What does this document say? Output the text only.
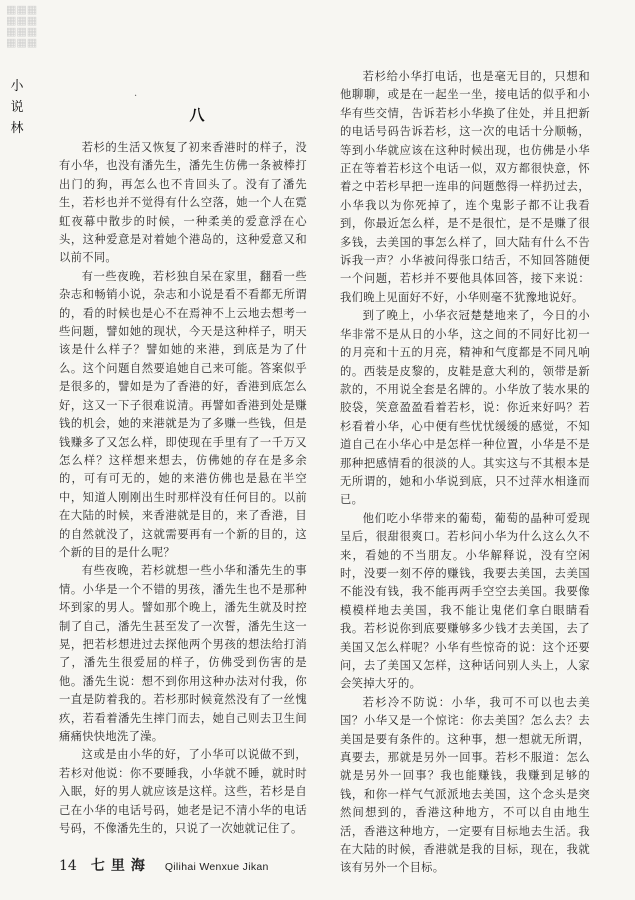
▦▦▦
▦▦▦
▦▦▦
▦▦▦
小说林
·
八

若杉的生活又恢复了初来香港时的样子，没有小华，也没有潘先生，潘先生仿佛一条被棒打出门的狗，再怎么也不肯回头了。没有了潘先生，若杉也并不觉得有什么空落，她一个人在霓虹夜幕中散步的时候，一种柔美的爱意浮在心头，这种爱意是对着她个港岛的，这种爱意又和以前不同。

有一些夜晚，若杉独自呆在家里，翻看一些杂志和畅销小说，杂志和小说是看不看都无所谓的，看的时候也是心不在焉神不上云地去想考一些问题，譬如她的现状，今天是这种样子，明天该是什么样子？譬如她的来港，到底是为了什么。这个问题自然要追她自己来可能。答案似乎是很多的，譬如是为了香港的好，香港到底怎么好，这又一下子很难说清。再譬如香港到处是赚钱的机会，她的来港就是为了多赚一些钱，但是钱赚多了又怎么样，即使现在手里有了一千万又怎么样？这样想来想去，仿佛她的存在是多余的，可有可无的，她的来港仿佛也是悬在半空中，知道人刚刚出生时那样没有任何目的。以前在大陆的时候，来香港就是目的，来了香港，目的自然就没了，这就需要再有一个新的目的，这个新的目的是什么呢？

有些夜晚，若杉就想一些小华和潘先生的事情。小华是一个不错的男孩，潘先生也不是那种坏到家的男人。譬如那个晚上，潘先生就及时控制了自己，潘先生甚至发了一次誓，潘先生这一晃，把若杉想进过去探他两个男孩的想法给打消了，潘先生很爱屈的样子，仿佛受到伤害的是他。潘先生说：想不到你用这种办法对付我，你一直是防着我的。若杉那时候竟然没有了一丝愧疚，若看着潘先生摔门而去，她自己则去卫生间痛痛快快地洗了澡。

这或是由小华的好，了小华可以说做不到，若杉对他说：你不要睡我，小华就不睡，就时时入眠，好的男人就应该是这样。这些，若杉是自己在小华的电话号码，她老是记不清小华的电话号码，不像潘先生的，只说了一次她就记住了。

若杉给小华打电话，也是毫无目的，只想和他聊聊，或是在一起坐一坐，接电话的似乎和小华有些交情，告诉若杉小华换了住处，并且把新的电话号码告诉若杉，这一次的电话十分顺畅，等到小华就应该在这种时候出现，也仿佛是小华正在等着若杉这个电话一似，双方都很快意，怀着之中若杉早把一连串的问题憋得一样扔过去，小华我以为你死掉了，连个鬼影子都不让我看到，你最近怎么样，是不是很忙，是不是赚了很多钱，去美国的事怎么样了，回大陆有什么不告诉我一声？小华被问得张口结舌，不知回答随便一个问题，若杉并不要他具体回答，接下来说：我们晚上见面好不好，小华则毫不犹豫地说好。

到了晚上，小华衣冠楚楚地来了，今日的小华非常不是从日的小华，这之间的不同好比初一的月亮和十五的月亮，精神和气度都是不同凡响的。西装是皮黎的，皮鞋是意大利的，领带是新款的，不用说全套是名牌的。小华放了装水果的胶袋，笑意盈盈看着若杉，说：你近来好吗？若杉看着小华，心中便有些忧忧缓缓的感觉，不知道自己在小华心中是怎样一种位置，小华是不是那种把感情看的很淡的人。其实这与不其根本是无所谓的，她和小华说到底，只不过萍水相逢而已。

他们吃小华带来的葡萄，葡萄的晶种可爱现呈后，很甜很爽口。若杉问小华为什么这么久不来，看她的不当朋友。小华解释说，没有空闲时，没要一刻不停的赚钱，我要去美国，去美国不能没有钱，我不能再两手空空去美国。我要像模模样地去美国，我不能让鬼佬们拿白眼睛看我。若杉说你到底要赚够多少钱才去美国，去了美国又怎么样呢？小华有些惊奇的说：这个还要问，去了美国又怎样，这种话问别人头上，人家会笑掉大牙的。

若杉冷不防说：小华，我可不可以也去美国？小华又是一个惊诧：你去美国？怎么去？去美国是要有条件的。这种事，想一想就无所谓，真要去，那就是另外一回事。若杉不服道：怎么就是另外一回事？我也能赚钱，我赚到足够的钱，和你一样气气派派地去美国，这个念头是突然间想到的，香港这种地方，不可以自由地生活，香港这种地方，一定要有目标地去生活。我在大陆的时候，香港就是我的目标，现在，我就该有另外一个目标。

14 七里海 Qilihai Wenxue Jikan
